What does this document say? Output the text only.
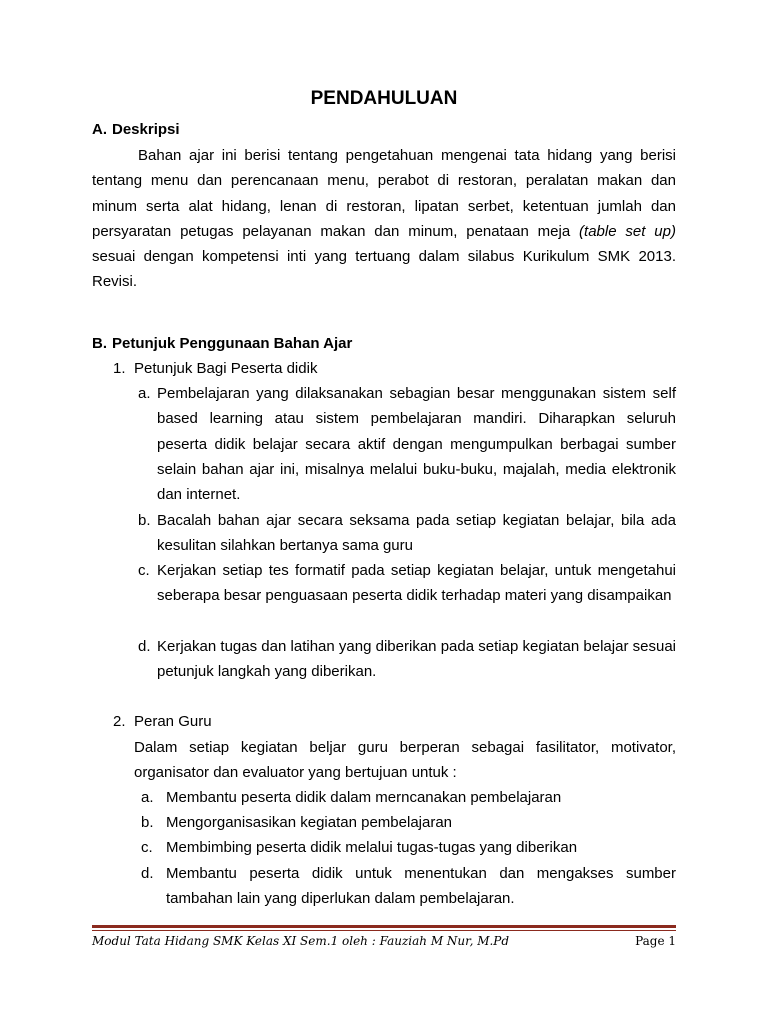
PENDAHULUAN
A. Deskripsi

Bahan ajar ini berisi tentang pengetahuan mengenai tata hidang yang berisi tentang menu dan perencanaan menu, perabot di restoran, peralatan makan dan minum serta alat hidang, lenan di restoran, lipatan serbet, ketentuan jumlah dan persyaratan petugas pelayanan makan dan minum, penataan meja (table set up) sesuai dengan kompetensi inti yang tertuang dalam silabus Kurikulum SMK 2013. Revisi.

B. Petunjuk Penggunaan Bahan Ajar
1. Petunjuk Bagi Peserta didik
a. Pembelajaran yang dilaksanakan sebagian besar menggunakan sistem self based learning atau sistem pembelajaran mandiri. Diharapkan seluruh peserta didik belajar secara aktif dengan mengumpulkan berbagai sumber selain bahan ajar ini, misalnya melalui buku-buku, majalah, media elektronik dan internet.
b. Bacalah bahan ajar secara seksama pada setiap kegiatan belajar, bila ada kesulitan silahkan bertanya sama guru
c. Kerjakan setiap tes formatif pada setiap kegiatan belajar, untuk mengetahui seberapa besar penguasaan peserta didik terhadap materi yang disampaikan
d. Kerjakan tugas dan latihan yang diberikan pada setiap kegiatan belajar sesuai petunjuk langkah yang diberikan.
2. Peran Guru
Dalam setiap kegiatan beljar guru berperan sebagai fasilitator, motivator, organisator dan evaluator yang bertujuan untuk :
a. Membantu peserta didik dalam merncanakan pembelajaran
b. Mengorganisasikan kegiatan pembelajaran
c. Membimbing peserta didik melalui tugas-tugas yang diberikan
d. Membantu peserta didik untuk menentukan dan mengakses sumber tambahan lain yang diperlukan dalam pembelajaran.
Modul Tata Hidang SMK Kelas XI Sem.1 oleh : Fauziah M Nur, M.Pd	Page 1
